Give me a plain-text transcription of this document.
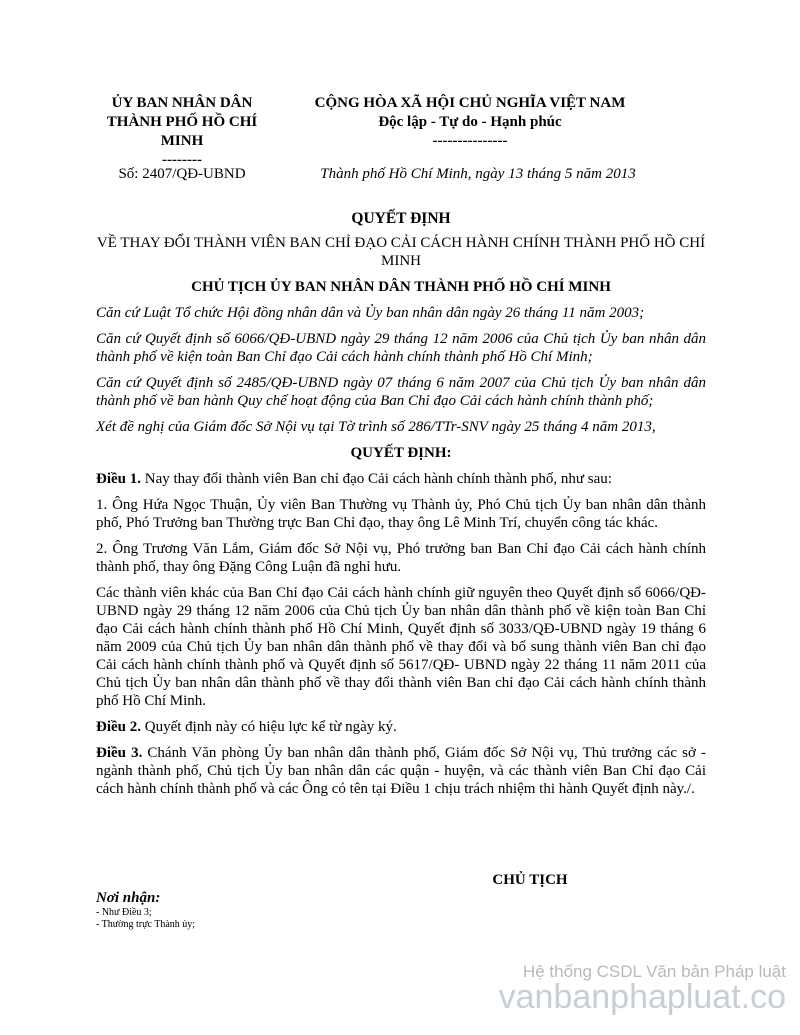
ỦY BAN NHÂN DÂN
THÀNH PHỐ HỒ CHÍ
MINH
--------
CỘNG HÒA XÃ HỘI CHỦ NGHĨA VIỆT NAM
Độc lập - Tự do - Hạnh phúc
---------------
Số: 2407/QĐ-UBND	Thành phố Hồ Chí Minh, ngày 13 tháng 5 năm 2013
QUYẾT ĐỊNH
VỀ THAY ĐỔI THÀNH VIÊN BAN CHỈ ĐẠO CẢI CÁCH HÀNH CHÍNH THÀNH PHỐ HỒ CHÍ MINH
CHỦ TỊCH ỦY BAN NHÂN DÂN THÀNH PHỐ HỒ CHÍ MINH

Căn cứ Luật Tổ chức Hội đồng nhân dân và Ủy ban nhân dân ngày 26 tháng 11 năm 2003;

Căn cứ Quyết định số 6066/QĐ-UBND ngày 29 tháng 12 năm 2006 của Chủ tịch Ủy ban nhân dân thành phố về kiện toàn Ban Chỉ đạo Cải cách hành chính thành phố Hồ Chí Minh;

Căn cứ Quyết định số 2485/QĐ-UBND ngày 07 tháng 6 năm 2007 của Chủ tịch Ủy ban nhân dân thành phố về ban hành Quy chế hoạt động của Ban Chỉ đạo Cải cách hành chính thành phố;

Xét đề nghị của Giám đốc Sở Nội vụ tại Tờ trình số 286/TTr-SNV ngày 25 tháng 4 năm 2013,

QUYẾT ĐỊNH:

Điều 1. Nay thay đổi thành viên Ban chỉ đạo Cải cách hành chính thành phố, như sau:

1. Ông Hứa Ngọc Thuận, Ủy viên Ban Thường vụ Thành ủy, Phó Chủ tịch Ủy ban nhân dân thành phố, Phó Trưởng ban Thường trực Ban Chỉ đạo, thay ông Lê Minh Trí, chuyển công tác khác.

2. Ông Trương Văn Lắm, Giám đốc Sở Nội vụ, Phó trưởng ban Ban Chỉ đạo Cải cách hành chính thành phố, thay ông Đặng Công Luận đã nghỉ hưu.

Các thành viên khác của Ban Chỉ đạo Cải cách hành chính giữ nguyên theo Quyết định số 6066/QĐ-UBND ngày 29 tháng 12 năm 2006 của Chủ tịch Ủy ban nhân dân thành phố về kiện toàn Ban Chỉ đạo Cải cách hành chính thành phố Hồ Chí Minh, Quyết định số 3033/QĐ-UBND ngày 19 tháng 6 năm 2009 của Chủ tịch Ủy ban nhân dân thành phố về thay đổi và bổ sung thành viên Ban chỉ đạo Cải cách hành chính thành phố và Quyết định số 5617/QĐ- UBND ngày 22 tháng 11 năm 2011 của Chủ tịch Ủy ban nhân dân thành phố về thay đổi thành viên Ban chỉ đạo Cải cách hành chính thành phố Hồ Chí Minh.

Điều 2. Quyết định này có hiệu lực kể từ ngày ký.

Điều 3. Chánh Văn phòng Ủy ban nhân dân thành phố, Giám đốc Sở Nội vụ, Thủ trưởng các sở - ngành thành phố, Chủ tịch Ủy ban nhân dân các quận - huyện, và các thành viên Ban Chỉ đạo Cải cách hành chính thành phố và các Ông có tên tại Điều 1 chịu trách nhiệm thi hành Quyết định này./.

CHỦ TỊCH
Nơi nhận:
- Như Điều 3;
- Thường trực Thành ủy;
Hệ thống CSDL Văn bản Pháp luật
vanbanphapluat.co
